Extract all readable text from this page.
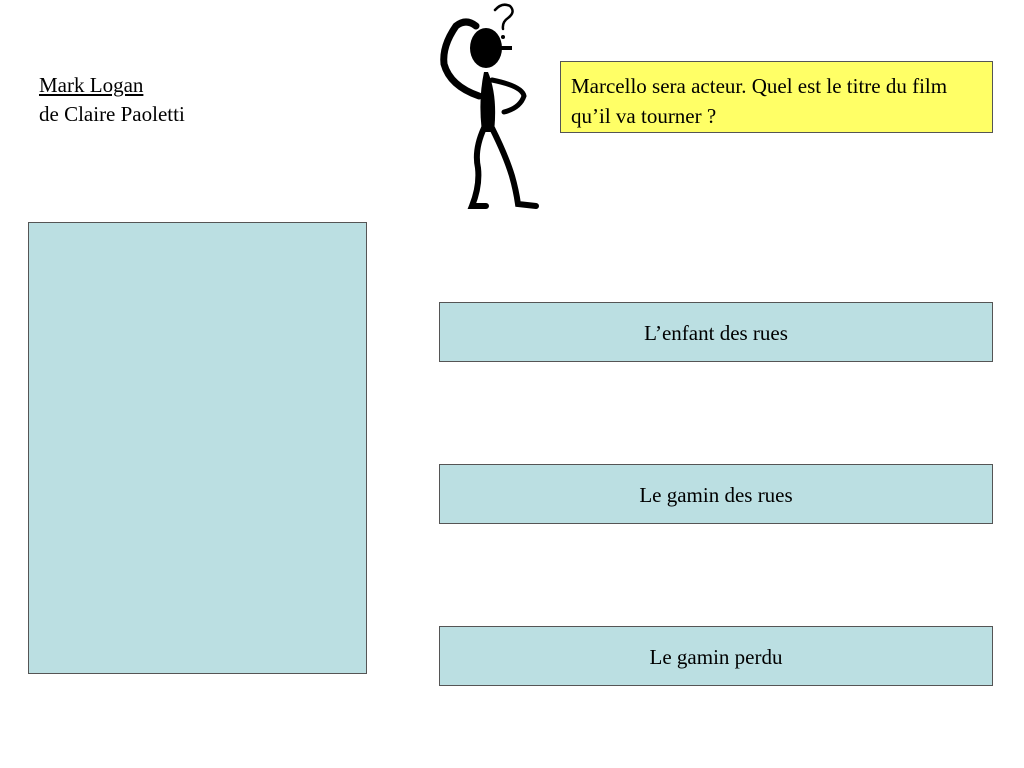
Mark Logan
de Claire Paoletti
Marcello sera acteur. Quel est le titre du film qu’il va tourner ?
L’enfant des rues
Le gamin des rues
Le gamin perdu
